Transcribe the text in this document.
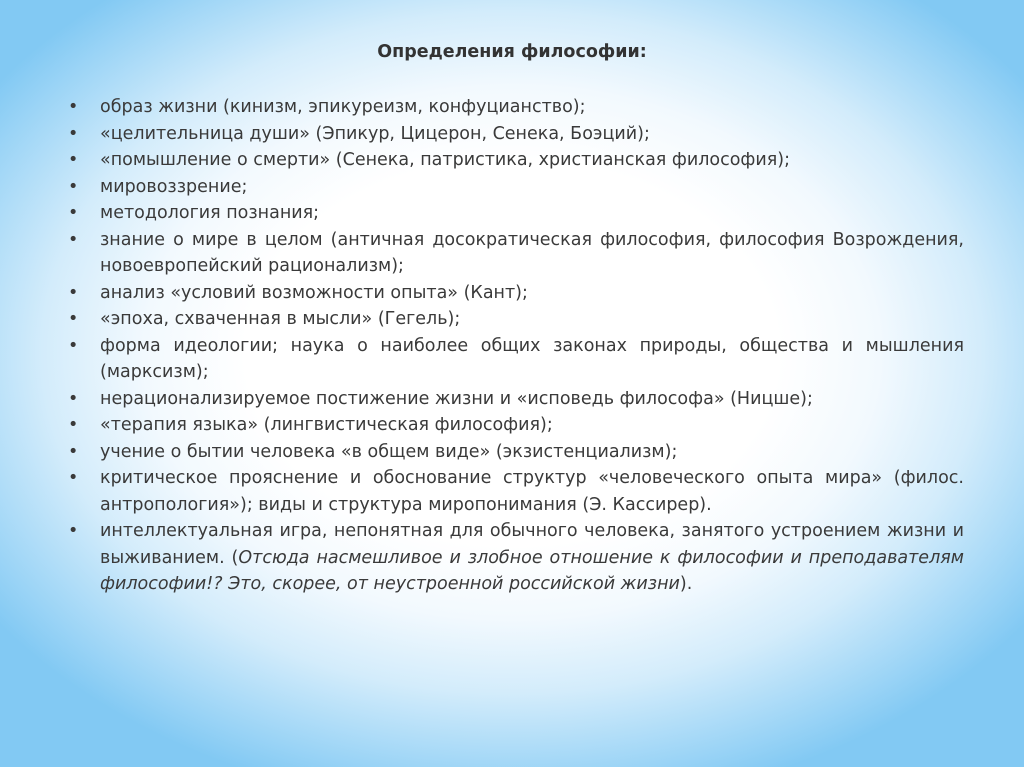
Определения философии:
• образ жизни (кинизм, эпикуреизм, конфуцианство);
• «целительница души» (Эпикур, Цицерон, Сенека, Боэций);
• «помышление о смерти» (Сенека, патристика, христианская философия);
• мировоззрение;
• методология познания;
• знание о мире в целом (античная досократическая философия, философия Возрождения, новоевропейский рационализм);
• анализ «условий возможности опыта» (Кант);
• «эпоха, схваченная в мысли» (Гегель);
• форма идеологии; наука о наиболее общих законах природы, общества и мышления (марксизм);
• нерационализируемое постижение жизни и «исповедь философа» (Ницше);
• «терапия языка» (лингвистическая философия);
• учение о бытии человека «в общем виде» (экзистенциализм);
• критическое прояснение и обоснование структур «человеческого опыта мира» (филос. антропология»); виды и структура миропонимания (Э. Кассирер).
• интеллектуальная игра, непонятная для обычного человека, занятого устроением жизни и выживанием. (Отсюда насмешливое и злобное отношение к философии и преподавателям философии!? Это, скорее, от неустроенной российской жизни).
